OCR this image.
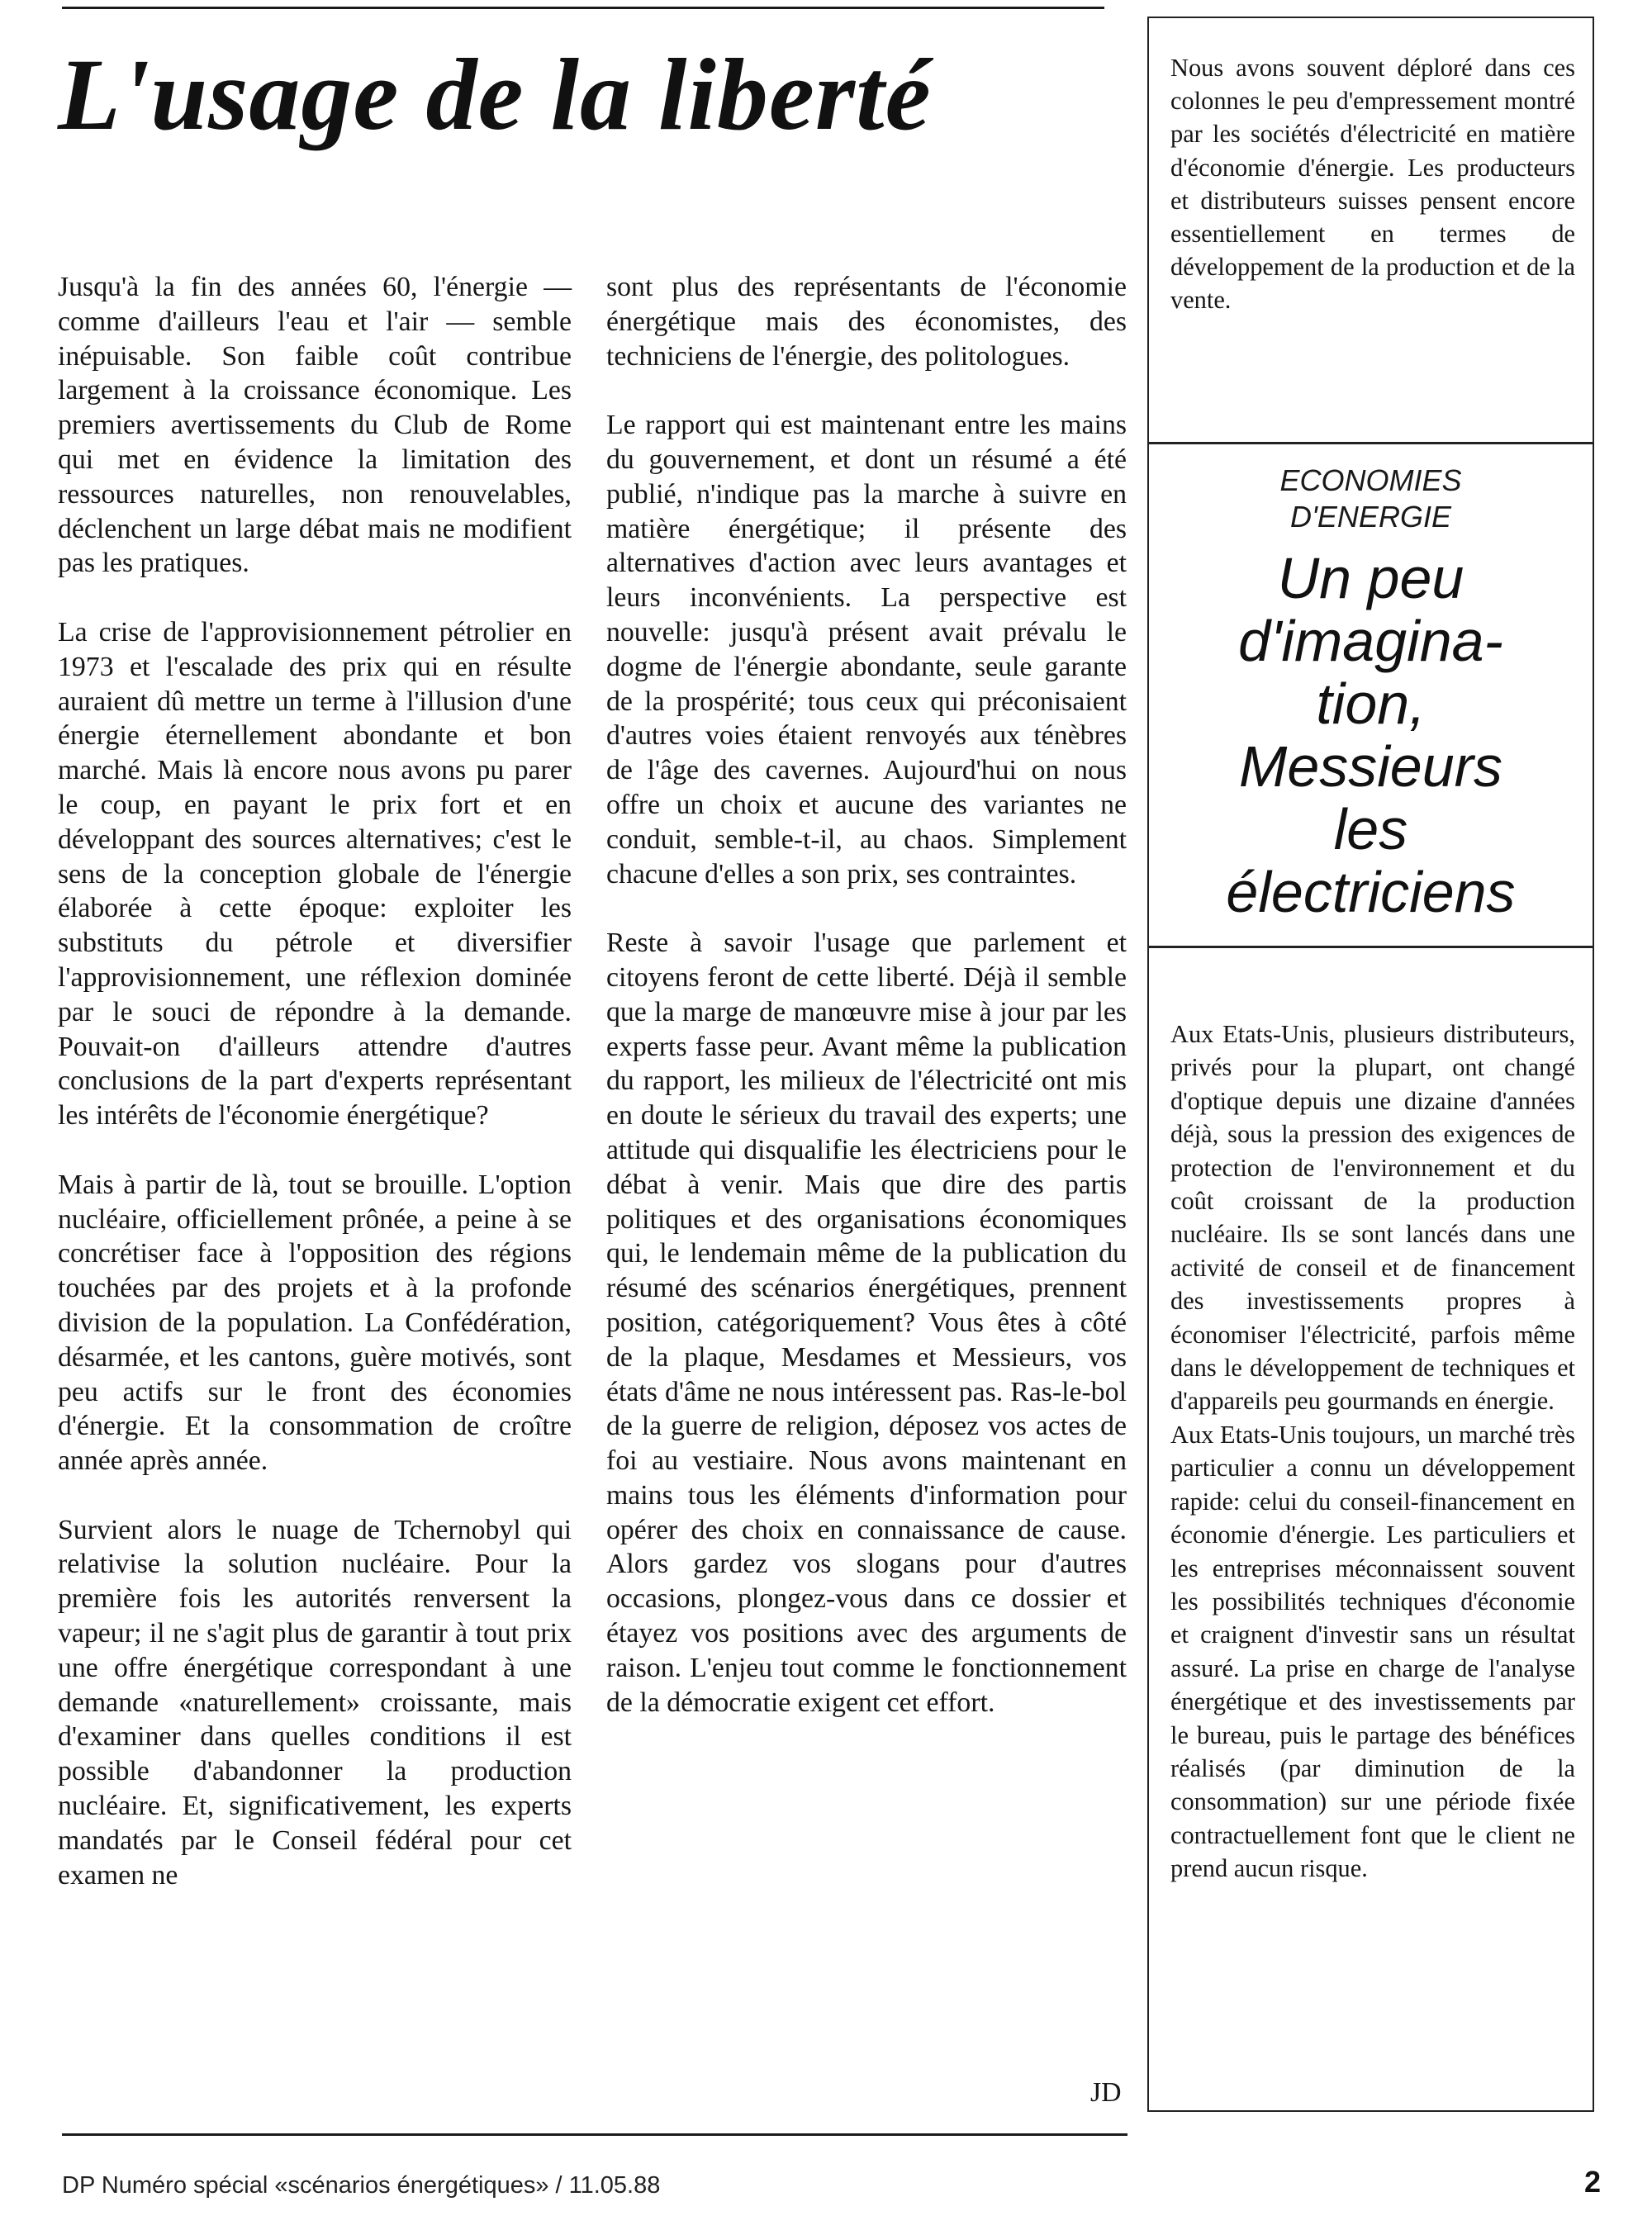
L'usage de la liberté

Jusqu'à la fin des années 60, l'énergie — comme d'ailleurs l'eau et l'air — semble inépuisable. Son faible coût contribue largement à la croissance économique. Les premiers avertissements du Club de Rome qui met en évidence la limitation des ressources naturelles, non renouvelables, déclenchent un large débat mais ne modifient pas les pratiques.

La crise de l'approvisionnement pétrolier en 1973 et l'escalade des prix qui en résulte auraient dû mettre un terme à l'illusion d'une énergie éternellement abondante et bon marché. Mais là encore nous avons pu parer le coup, en payant le prix fort et en développant des sources alternatives; c'est le sens de la conception globale de l'énergie élaborée à cette époque: exploiter les substituts du pétrole et diversifier l'approvisionnement, une réflexion dominée par le souci de répondre à la demande. Pouvait-on d'ailleurs attendre d'autres conclusions de la part d'experts représentant les intérêts de l'économie énergétique?

Mais à partir de là, tout se brouille. L'option nucléaire, officiellement prônée, a peine à se concrétiser face à l'opposition des régions touchées par des projets et à la profonde division de la population. La Confédération, désarmée, et les cantons, guère motivés, sont peu actifs sur le front des économies d'énergie. Et la consommation de croître année après année.

Survient alors le nuage de Tchernobyl qui relativise la solution nucléaire. Pour la première fois les autorités renversent la vapeur; il ne s'agit plus de garantir à tout prix une offre énergétique correspondant à une demande «naturellement» croissante, mais d'examiner dans quelles conditions il est possible d'abandonner la production nucléaire. Et, significativement, les experts mandatés par le Conseil fédéral pour cet examen ne

sont plus des représentants de l'économie énergétique mais des économistes, des techniciens de l'énergie, des politologues.

Le rapport qui est maintenant entre les mains du gouvernement, et dont un résumé a été publié, n'indique pas la marche à suivre en matière énergétique; il présente des alternatives d'action avec leurs avantages et leurs inconvénients. La perspective est nouvelle: jusqu'à présent avait prévalu le dogme de l'énergie abondante, seule garante de la prospérité; tous ceux qui préconisaient d'autres voies étaient renvoyés aux ténèbres de l'âge des cavernes. Aujourd'hui on nous offre un choix et aucune des variantes ne conduit, semble-t-il, au chaos. Simplement chacune d'elles a son prix, ses contraintes.

Reste à savoir l'usage que parlement et citoyens feront de cette liberté. Déjà il semble que la marge de manœuvre mise à jour par les experts fasse peur. Avant même la publication du rapport, les milieux de l'électricité ont mis en doute le sérieux du travail des experts; une attitude qui disqualifie les électriciens pour le débat à venir. Mais que dire des partis politiques et des organisations économiques qui, le lendemain même de la publication du résumé des scénarios énergétiques, prennent position, catégoriquement? Vous êtes à côté de la plaque, Mesdames et Messieurs, vos états d'âme ne nous intéressent pas. Ras-le-bol de la guerre de religion, déposez vos actes de foi au vestiaire. Nous avons maintenant en mains tous les éléments d'information pour opérer des choix en connaissance de cause. Alors gardez vos slogans pour d'autres occasions, plongez-vous dans ce dossier et étayez vos positions avec des arguments de raison. L'enjeu tout comme le fonctionnement de la démocratie exigent cet effort.

JD

Nous avons souvent déploré dans ces colonnes le peu d'empressement montré par les sociétés d'électricité en matière d'économie d'énergie. Les producteurs et distributeurs suisses pensent encore essentiellement en termes de développement de la production et de la vente.

ECONOMIES
D'ENERGIE

Un peu
d'imagina-
tion,
Messieurs
les
électriciens

Aux Etats-Unis, plusieurs distributeurs, privés pour la plupart, ont changé d'optique depuis une dizaine d'années déjà, sous la pression des exigences de protection de l'environnement et du coût croissant de la production nucléaire. Ils se sont lancés dans une activité de conseil et de financement des investissements propres à économiser l'électricité, parfois même dans le développement de techniques et d'appareils peu gourmands en énergie.

Aux Etats-Unis toujours, un marché très particulier a connu un développement rapide: celui du conseil-financement en économie d'énergie. Les particuliers et les entreprises méconnaissent souvent les possibilités techniques d'économie et craignent d'investir sans un résultat assuré. La prise en charge de l'analyse énergétique et des investissements par le bureau, puis le partage des bénéfices réalisés (par diminution de la consommation) sur une période fixée contractuellement font que le client ne prend aucun risque.

DP Numéro spécial «scénarios énergétiques» / 11.05.88	2
